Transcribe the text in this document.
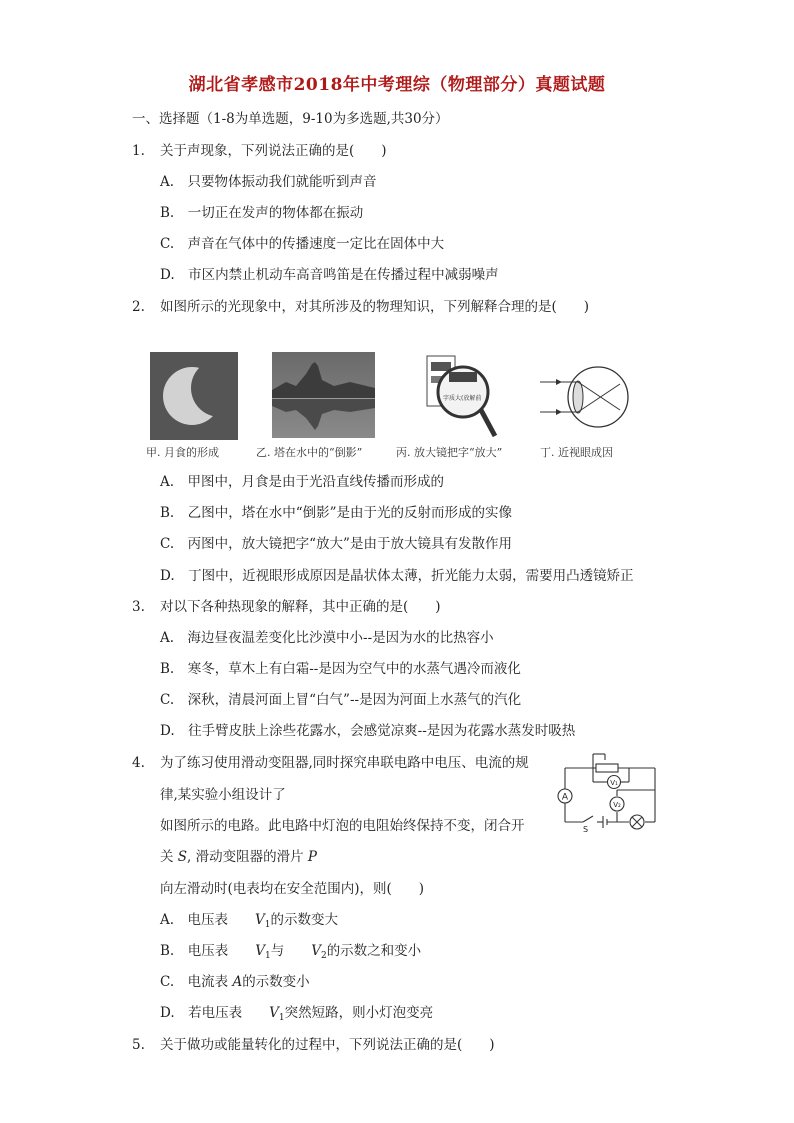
湖北省孝感市2018年中考理综（物理部分）真题试题
一、选择题（1-8为单选题，9-10为多选题,共30分）
1. 关于声现象，下列说法正确的是(　　)
A.　只要物体振动我们就能听到声音
B.　一切正在发声的物体都在振动
C.　声音在气体中的传播速度一定比在固体中大
D.　市区内禁止机动车高音鸣笛是在传播过程中减弱噪声
2. 如图所示的光现象中，对其所涉及的物理知识，下列解释合理的是(　　)
字质大(放解前
甲. 月食的形成	乙. 塔在水中的“倒影”	丙. 放大镜把字“放大”	丁. 近视眼成因
A.　甲图中，月食是由于光沿直线传播而形成的
B.　乙图中，塔在水中“倒影”是由于光的反射而形成的实像
C.　丙图中，放大镜把字“放大”是由于放大镜具有发散作用
D.　丁图中，近视眼形成原因是晶状体太薄，折光能力太弱，需要用凸透镜矫正
3. 对以下各种热现象的解释，其中正确的是(　　)
A.　海边昼夜温差变化比沙漠中小--是因为水的比热容小
B.　寒冬，草木上有白霜--是因为空气中的水蒸气遇冷而液化
C.　深秋，清晨河面上冒“白气”--是因为河面上水蒸气的汽化
D.　往手臂皮肤上涂些花露水，会感觉凉爽--是因为花露水蒸发时吸热
4. 为了练习使用滑动变阻器,同时探究串联电路中电压、电流的规
律,某实验小组设计了
如图所示的电路。此电路中灯泡的电阻始终保持不变，闭合开
关 S, 滑动变阻器的滑片 P
向左滑动时(电表均在安全范围内)，则(　　)
A
V₁
V₂
S
A.　电压表　　$V_1$的示数变大
B.　电压表　　$V_1$与　　$V_2$的示数之和变小
C.　电流表 A的示数变小
D.　若电压表　　$V_1$突然短路，则小灯泡变亮
5. 关于做功或能量转化的过程中，下列说法正确的是(　　)
